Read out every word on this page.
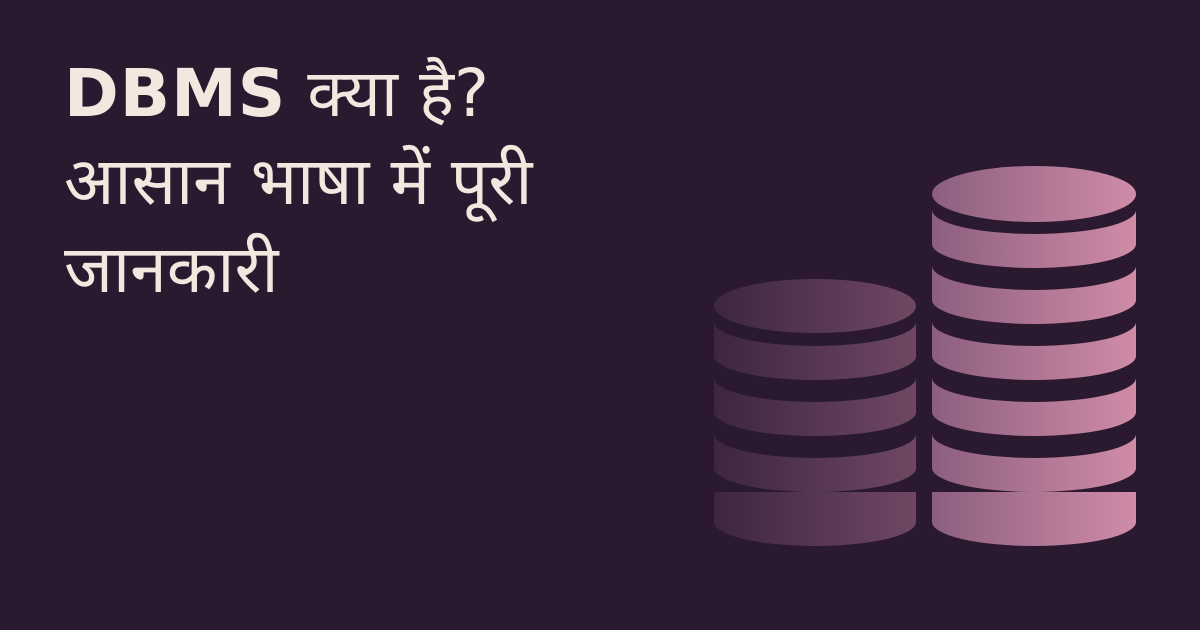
DBMS क्या है?
आसान भाषा में पूरी
जानकारी
